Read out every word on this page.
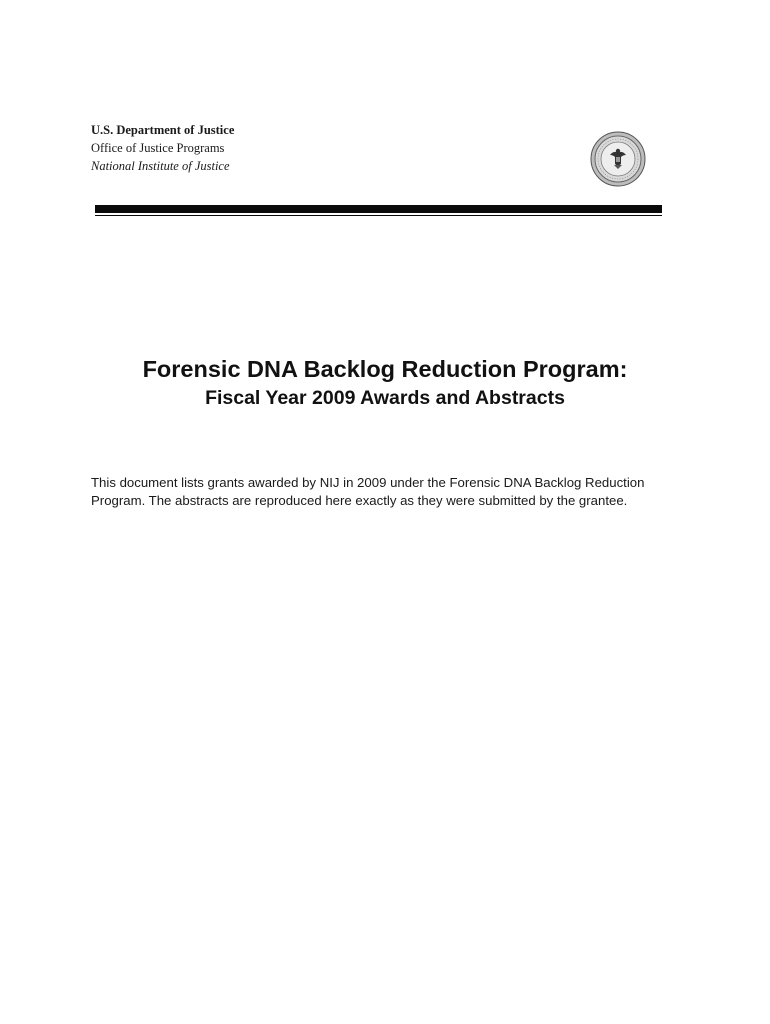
U.S. Department of Justice
Office of Justice Programs
National Institute of Justice
Forensic DNA Backlog Reduction Program:
Fiscal Year 2009 Awards and Abstracts

This document lists grants awarded by NIJ in 2009 under the Forensic DNA Backlog Reduction

Program. The abstracts are reproduced here exactly as they were submitted by the grantee.
